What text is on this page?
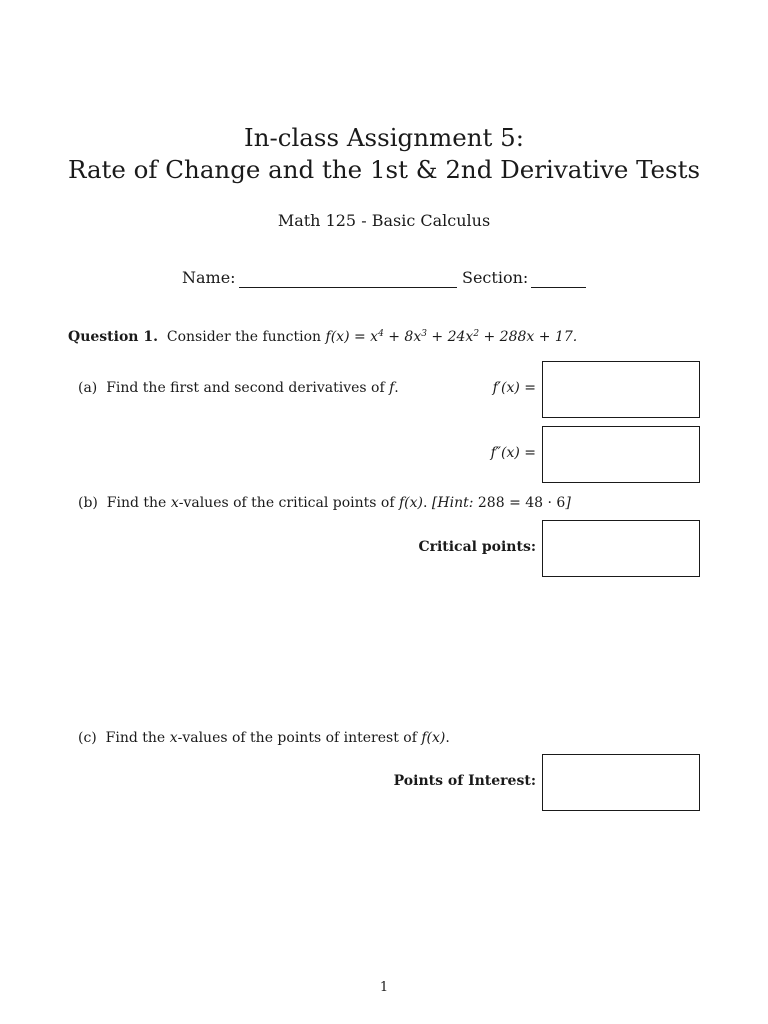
In-class Assignment 5:
Rate of Change and the 1st & 2nd Derivative Tests
Math 125 - Basic Calculus
Name:	Section:
Question 1. Consider the function $f(x) = x^4 + 8x^3 + 24x^2 + 288x + 17$.
(a) Find the first and second derivatives of f.	f′(x) =
f″(x) =
(b) Find the x-values of the critical points of f(x). [Hint: 288 = 48 · 6]
Critical points:
(c) Find the x-values of the points of interest of f(x).
Points of Interest:
1
